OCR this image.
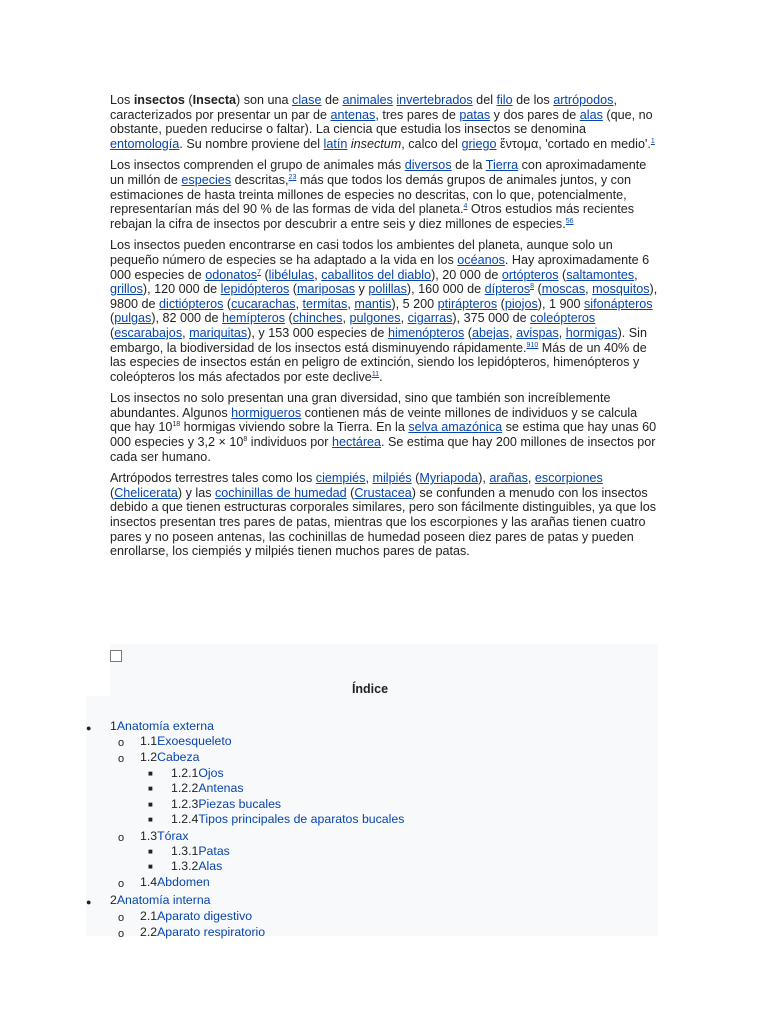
Los insectos (Insecta) son una clase de animales invertebrados del filo de los artrópodos, caracterizados por presentar un par de antenas, tres pares de patas y dos pares de alas (que, no obstante, pueden reducirse o faltar). La ciencia que estudia los insectos se denomina entomología. Su nombre proviene del latín insectum, calco del griego ἔντομα, 'cortado en medio'.$^1$

Los insectos comprenden el grupo de animales más diversos de la Tierra con aproximadamente un millón de especies descritas,$^{23}$ más que todos los demás grupos de animales juntos, y con estimaciones de hasta treinta millones de especies no descritas, con lo que, potencialmente, representarían más del 90 % de las formas de vida del planeta.$^4$ Otros estudios más recientes rebajan la cifra de insectos por descubrir a entre seis y diez millones de especies.$^{56}$

Los insectos pueden encontrarse en casi todos los ambientes del planeta, aunque solo un pequeño número de especies se ha adaptado a la vida en los océanos. Hay aproximadamente 6 000 especies de odonatos$^7$ (libélulas, caballitos del diablo), 20 000 de ortópteros (saltamontes, grillos), 120 000 de lepidópteros (mariposas y polillas), 160 000 de dípteros$^8$ (moscas, mosquitos), 9800 de dictiópteros (cucarachas, termitas, mantis), 5 200 ptirápteros (piojos), 1 900 sifonápteros (pulgas), 82 000 de hemípteros (chinches, pulgones, cigarras), 375 000 de coleópteros (escarabajos, mariquitas), y 153 000 especies de himenópteros (abejas, avispas, hormigas). Sin embargo, la biodiversidad de los insectos está disminuyendo rápidamente.$^{910}$ Más de un 40% de las especies de insectos están en peligro de extinción, siendo los lepidópteros, himenópteros y coleópteros los más afectados por este declive$^{11}$.

Los insectos no solo presentan una gran diversidad, sino que también son increíblemente abundantes. Algunos hormigueros contienen más de veinte millones de individuos y se calcula que hay $10^{18}$ hormigas viviendo sobre la Tierra. En la selva amazónica se estima que hay unas 60 000 especies y $3,2 \times 10^8$ individuos por hectárea. Se estima que hay 200 millones de insectos por cada ser humano.

Artrópodos terrestres tales como los ciempiés, milpiés (Myriapoda), arañas, escorpiones (Chelicerata) y las cochinillas de humedad (Crustacea) se confunden a menudo con los insectos debido a que tienen estructuras corporales similares, pero son fácilmente distinguibles, ya que los insectos presentan tres pares de patas, mientras que los escorpiones y las arañas tienen cuatro pares y no poseen antenas, las cochinillas de humedad poseen diez pares de patas y pueden enrollarse, los ciempiés y milpiés tienen muchos pares de patas.

Índice
● 1Anatomía externa
o 1.1Exoesqueleto
o 1.2Cabeza
■ 1.2.1Ojos
■ 1.2.2Antenas
■ 1.2.3Piezas bucales
■ 1.2.4Tipos principales de aparatos bucales
o 1.3Tórax
■ 1.3.1Patas
■ 1.3.2Alas
o 1.4Abdomen
● 2Anatomía interna
o 2.1Aparato digestivo
o 2.2Aparato respiratorio
